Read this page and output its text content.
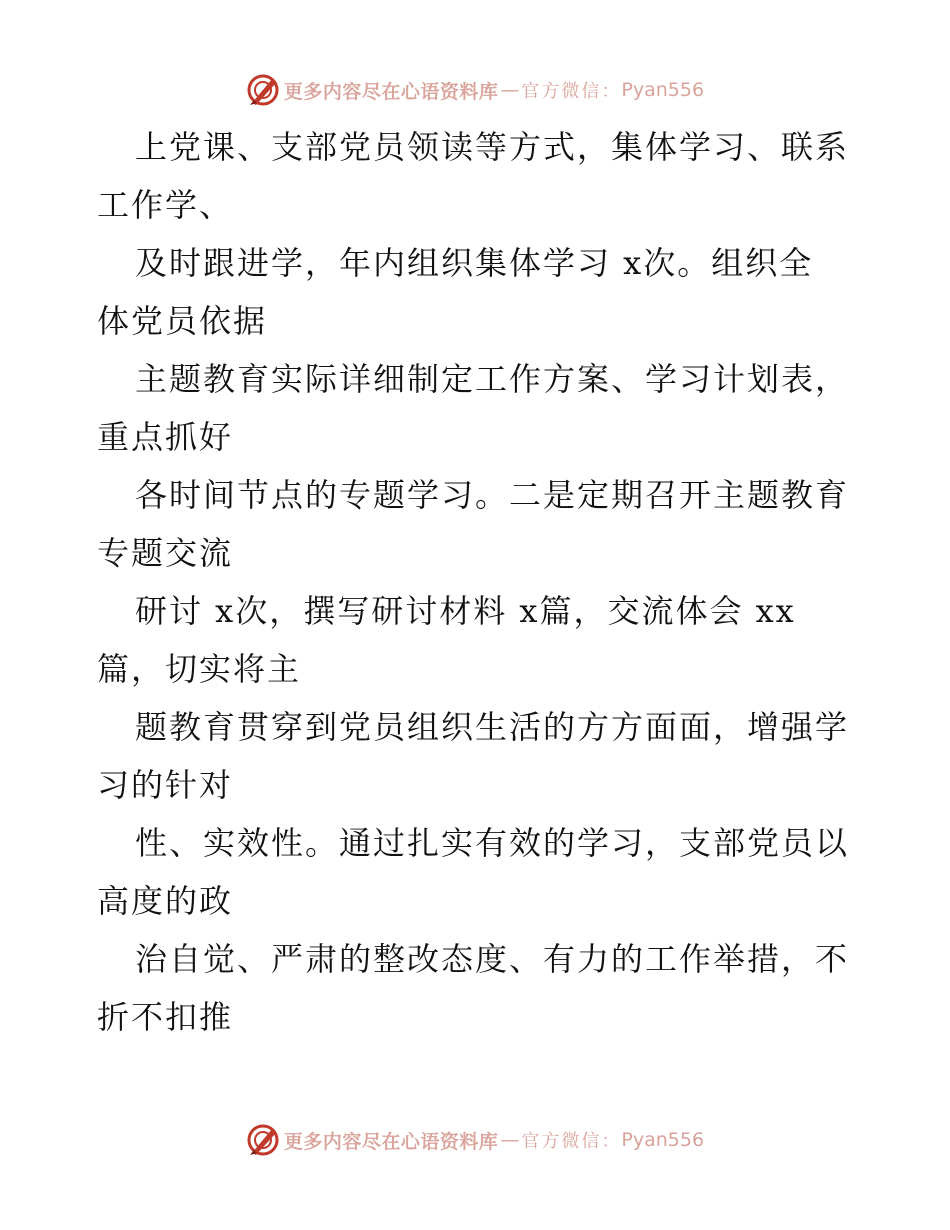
更多内容尽在心语资料库 — 官方微信： Pyan556
上党课、支部党员领读等方式，集体学习、联系
工作学、
及时跟进学，年内组织集体学习 x次。组织全
体党员依据
主题教育实际详细制定工作方案、学习计划表，
重点抓好
各时间节点的专题学习。二是定期召开主题教育
专题交流
研讨 x次，撰写研讨材料 x篇，交流体会 xx
篇，切实将主
题教育贯穿到党员组织生活的方方面面，增强学
习的针对
性、实效性。通过扎实有效的学习，支部党员以
高度的政
治自觉、严肃的整改态度、有力的工作举措，不
折不扣推
更多内容尽在心语资料库 — 官方微信： Pyan556
